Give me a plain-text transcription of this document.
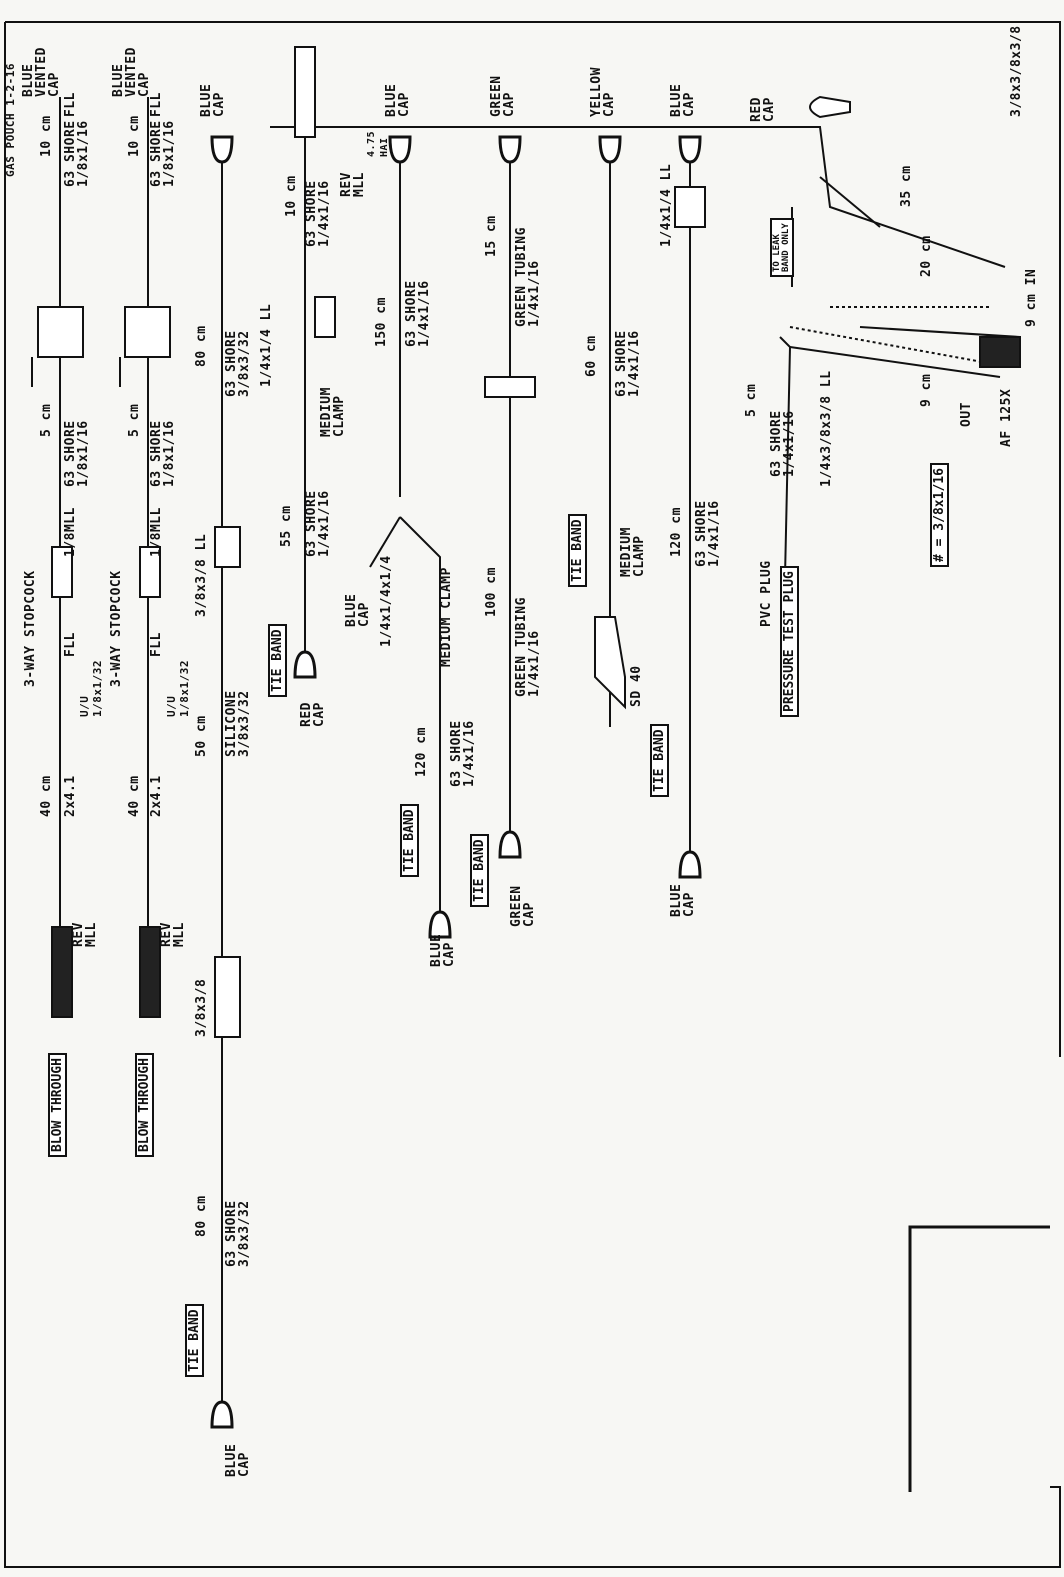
GAS POUCH 1-2-16	RED
CAP	3/8x3/8x3/8
35 cm
20 cm
9 cm IN
TO LEAK
BAND ONLY
9 cm
OUT AF 125X
1/4x3/8x3/8 LL
63 SHORE
1/4x1/16
5 cm
PVC PLUG PRESSURE TEST PLUG
# = 3/8x1/16
BLUE
CAP
1/4x1/4 LL
63 SHORE
1/4x1/16
120 cm
TIE BAND
BLUE
CAP
YELLOW
CAP
63 SHORE
1/4x1/16
60 cm
MEDIUM
CLAMP
TIE BAND
SD 40
GREEN
CAP
GREEN TUBING
1/4x1/16
15 cm
GREEN TUBING
1/4x1/16
100 cm
TIE BAND
GREEN
CAP
BLUE
CAP
63 SHORE
1/4x1/16
150 cm
1/4x1/4x1/4
BLUE
CAP	MEDIUM CLAMP
63 SHORE
1/4x1/16
120 cm
TIE BAND
BLUE
CAP
REV
MLL
4.75
HAI
63 SHORE
1/4x1/16
10 cm
1/4x1/4 LL
MEDIUM
CLAMP
63 SHORE
1/4x1/16
55 cm
TIE BAND
RED
CAP
BLUE
CAP
80 cm
63 SHORE
3/8x3/32
3/8x3/8 LL
SILICONE
3/8x3/32
50 cm
3/8x3/8
63 SHORE
3/8x3/32
80 cm
TIE BAND
BLUE
CAP
BLUE
VENTED
CAP
FLL
63 SHORE
1/8x1/16
10 cm
63 SHORE
1/8x1/16
5 cm
1/8MLL
3-WAY STOPCOCK FLL
U/U
1/8x1/32
2x4.1
40 cm
REV
MLL
BLOW THROUGH
BLUE
VENTED
CAP
FLL
63 SHORE
1/8x1/16
10 cm
63 SHORE
1/8x1/16
5 cm
1/8MLL
3-WAY STOPCOCK FLL
U/U
1/8x1/32
2x4.1
40 cm
REV
MLL
BLOW THROUGH
